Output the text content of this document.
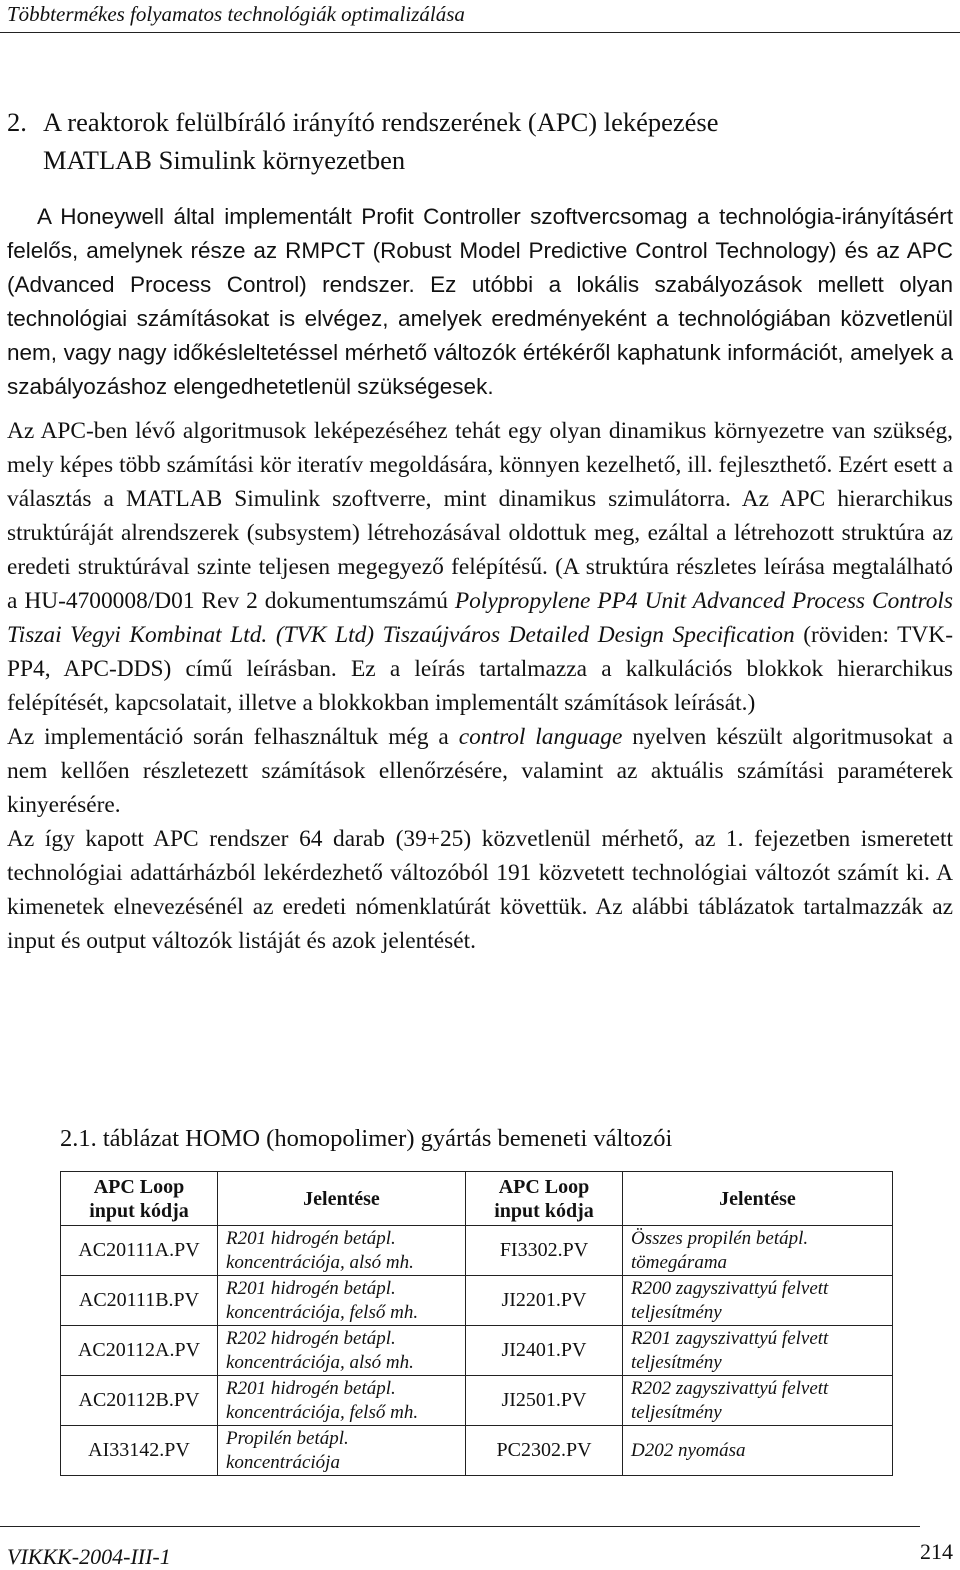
Többtermékes folyamatos technológiák optimalizálása
2. A reaktorok felülbíráló irányító rendszerének (APC) leképezése
MATLAB Simulink környezetben

A Honeywell által implementált Profit Controller szoftvercsomag a technológia-irányításért felelős, amelynek része az RMPCT (Robust Model Predictive Control Technology) és az APC (Advanced Process Control) rendszer. Ez utóbbi a lokális szabályozások mellett olyan technológiai számításokat is elvégez, amelyek eredményeként a technológiában közvetlenül nem, vagy nagy időkésleltetéssel mérhető változók értékéről kaphatunk információt, amelyek a szabályozáshoz elengedhetetlenül szükségesek.

Az APC-ben lévő algoritmusok leképezéséhez tehát egy olyan dinamikus környezetre van szükség, mely képes több számítási kör iteratív megoldására, könnyen kezelhető, ill. fejleszthető. Ezért esett a választás a MATLAB Simulink szoftverre, mint dinamikus szimulátorra. Az APC hierarchikus struktúráját alrendszerek (subsystem) létrehozásával oldottuk meg, ezáltal a létrehozott struktúra az eredeti struktúrával szinte teljesen megegyező felépítésű. (A struktúra részletes leírása megtalálható a HU-4700008/D01 Rev 2 dokumentumszámú Polypropylene PP4 Unit Advanced Process Controls Tiszai Vegyi Kombinat Ltd. (TVK Ltd) Tiszaújváros Detailed Design Specification (röviden: TVK-PP4, APC-DDS) című leírásban. Ez a leírás tartalmazza a kalkulációs blokkok hierarchikus felépítését, kapcsolatait, illetve a blokkokban implementált számítások leírását.)

Az implementáció során felhasználtuk még a control language nyelven készült algoritmusokat a nem kellően részletezett számítások ellenőrzésére, valamint az aktuális számítási paraméterek kinyerésére.

Az így kapott APC rendszer 64 darab (39+25) közvetlenül mérhető, az 1. fejezetben ismeretett technológiai adattárházból lekérdezhető változóból 191 közvetett technológiai változót számít ki. A kimenetek elnevezésénél az eredeti nómenklatúrát követtük. Az alábbi táblázatok tartalmazzák az input és output változók listáját és azok jelentését.

2.1. táblázat HOMO (homopolimer) gyártás bemeneti változói
APC Loop input kódja	Jelentése	APC Loop input kódja	Jelentése
AC20111A.PV	R201 hidrogén betápl. koncentrációja, alsó mh.	FI3302.PV	Összes propilén betápl. tömegárama
AC20111B.PV	R201 hidrogén betápl. koncentrációja, felső mh.	JI2201.PV	R200 zagyszivattyú felvett teljesítmény
AC20112A.PV	R202 hidrogén betápl. koncentrációja, alsó mh.	JI2401.PV	R201 zagyszivattyú felvett teljesítmény
AC20112B.PV	R201 hidrogén betápl. koncentrációja, felső mh.	JI2501.PV	R202 zagyszivattyú felvett teljesítmény
AI33142.PV	Propilén betápl. koncentrációja	PC2302.PV	D202 nyomása
VIKKK-2004-III-1	214
